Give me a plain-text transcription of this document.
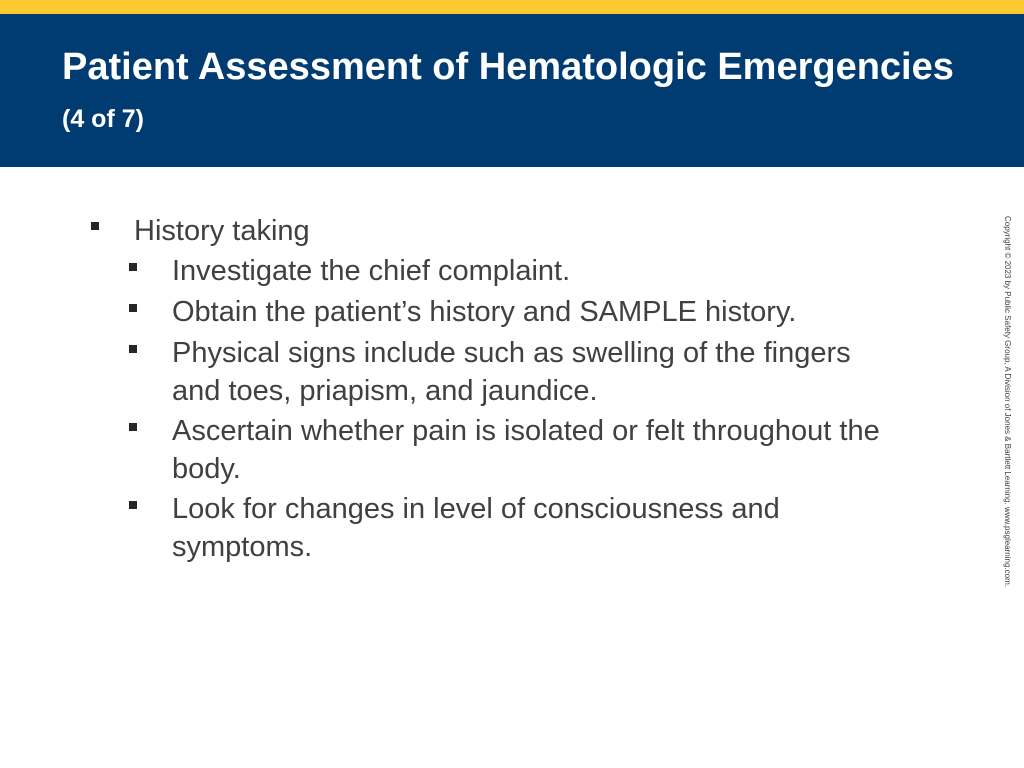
Patient Assessment of Hematologic Emergencies (4 of 7)
History taking
Investigate the chief complaint.
Obtain the patient’s history and SAMPLE history.
Physical signs include such as swelling of the fingers and toes, priapism, and jaundice.
Ascertain whether pain is isolated or felt throughout the body.
Look for changes in level of consciousness and symptoms.	Copyright © 2023 by Public Safety Group, A Division of Jones & Bartlett Learning. www.psglearning.com.
